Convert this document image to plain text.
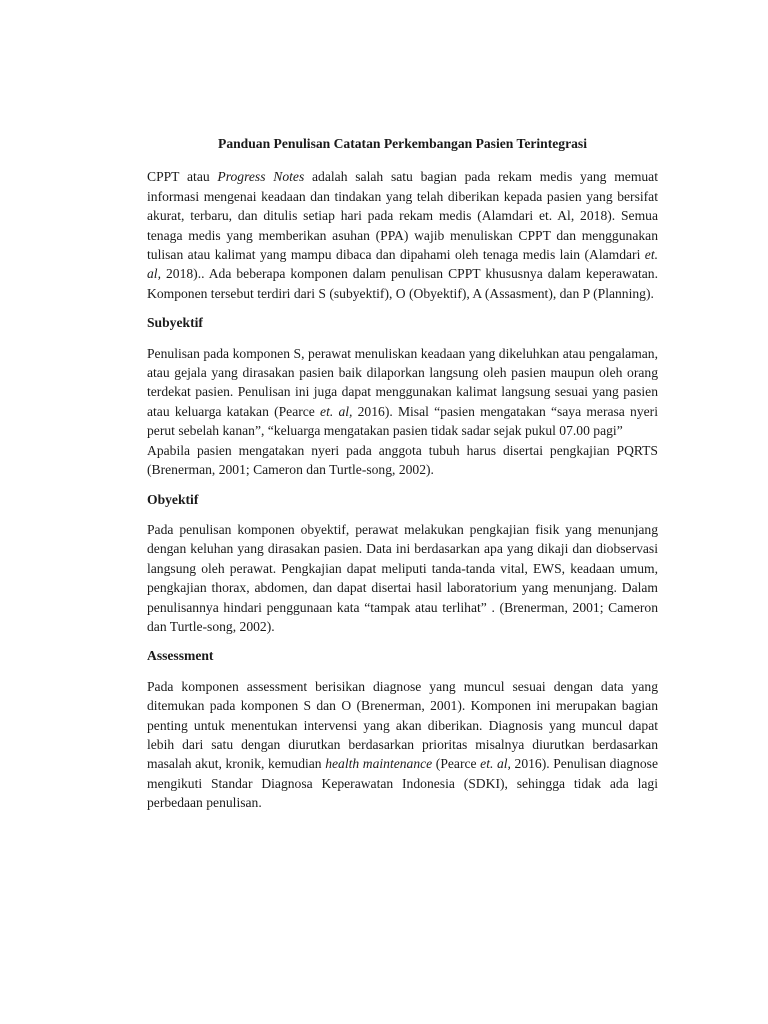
Panduan Penulisan Catatan Perkembangan Pasien Terintegrasi

CPPT atau Progress Notes adalah salah satu bagian pada rekam medis yang memuat informasi mengenai keadaan dan tindakan yang telah diberikan kepada pasien yang bersifat akurat, terbaru, dan ditulis setiap hari pada rekam medis (Alamdari et. Al, 2018). Semua tenaga medis yang memberikan asuhan (PPA) wajib menuliskan CPPT dan menggunakan tulisan atau kalimat yang mampu dibaca dan dipahami oleh tenaga medis lain (Alamdari et. al, 2018).. Ada beberapa komponen dalam penulisan CPPT khususnya dalam keperawatan. Komponen tersebut terdiri dari S (subyektif), O (Obyektif), A (Assasment), dan P (Planning).

Subyektif

Penulisan pada komponen S, perawat menuliskan keadaan yang dikeluhkan atau pengalaman, atau gejala yang dirasakan pasien baik dilaporkan langsung oleh pasien maupun oleh orang terdekat pasien. Penulisan ini juga dapat menggunakan kalimat langsung sesuai yang pasien atau keluarga katakan (Pearce et. al, 2016). Misal “pasien mengatakan “saya merasa nyeri perut sebelah kanan”, “keluarga mengatakan pasien tidak sadar sejak pukul 07.00 pagi”

Apabila pasien mengatakan nyeri pada anggota tubuh harus disertai pengkajian PQRTS (Brenerman, 2001; Cameron dan Turtle-song, 2002).

Obyektif

Pada penulisan komponen obyektif, perawat melakukan pengkajian fisik yang menunjang dengan keluhan yang dirasakan pasien. Data ini berdasarkan apa yang dikaji dan diobservasi langsung oleh perawat. Pengkajian dapat meliputi tanda-tanda vital, EWS, keadaan umum, pengkajian thorax, abdomen, dan dapat disertai hasil laboratorium yang menunjang. Dalam penulisannya hindari penggunaan kata “tampak atau terlihat” . (Brenerman, 2001; Cameron dan Turtle-song, 2002).

Assessment

Pada komponen assessment berisikan diagnose yang muncul sesuai dengan data yang ditemukan pada komponen S dan O (Brenerman, 2001). Komponen ini merupakan bagian penting untuk menentukan intervensi yang akan diberikan. Diagnosis yang muncul dapat lebih dari satu dengan diurutkan berdasarkan prioritas misalnya diurutkan berdasarkan masalah akut, kronik, kemudian health maintenance (Pearce et. al, 2016). Penulisan diagnose mengikuti Standar Diagnosa Keperawatan Indonesia (SDKI), sehingga tidak ada lagi perbedaan penulisan.
